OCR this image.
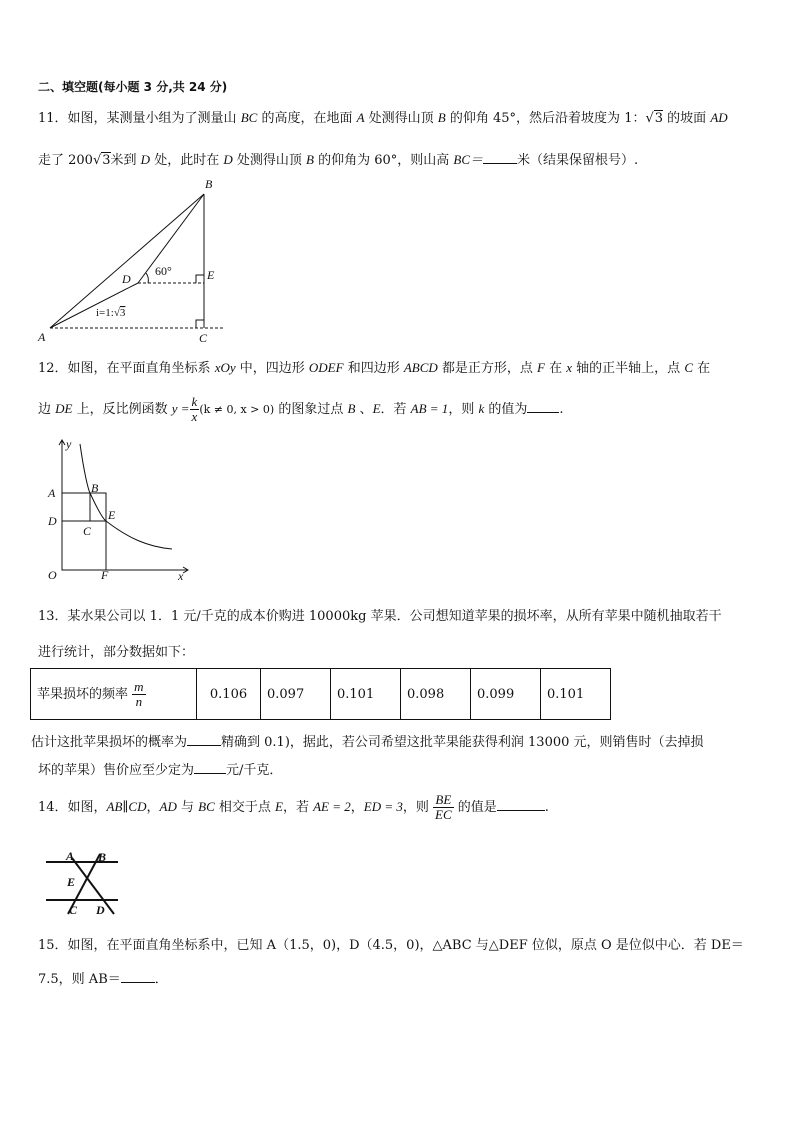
二、填空题(每小题 3 分,共 24 分)
11．如图，某测量小组为了测量山 BC 的高度，在地面 A 处测得山顶 B 的仰角 45°，然后沿着坡度为 1：√3 的坡面 AD
走了 200√3米到 D 处，此时在 D 处测得山顶 B 的仰角为 60°，则山高 BC＝	米（结果保留根号）.
B
E
C
A
D
60°
i=1:√3
12．如图，在平面直角坐标系 xOy 中，四边形 ODEF 和四边形 ABCD 都是正方形，点 F 在 x 轴的正半轴上，点 C 在
边 DE 上，反比例函数 $y = \frac{k}{x} (k \ne 0$, x > 0) 的图象过点 B 、E．若 AB = 1，则 k 的值为 .
y
x
O
A	B
D
C
E
F
13．某水果公司以 1．1 元/千克的成本价购进 10000kg 苹果．公司想知道苹果的损坏率，从所有苹果中随机抽取若干
进行统计，部分数据如下：
苹果损坏的频率 $\frac{m}{n}$	0.106	0.097	0.101	0.098	0.099	0.101
估计这批苹果损坏的概率为	精确到 0.1)，据此，若公司希望这批苹果能获得利润 13000 元，则销售时（去掉损
坏的苹果）售价应至少定为 元/千克．
14．如图，AB∥CD，AD 与 BC 相交于点 E，若 AE = 2，ED = 3，则 $\frac{BE}{EC}$ 的值是	.
A B
E
C D
15．如图，在平面直角坐标系中，已知 A（1.5，0)，D（4.5，0)，△ABC 与△DEF 位似，原点 O 是位似中心．若 DE＝
7.5，则 AB＝	．
